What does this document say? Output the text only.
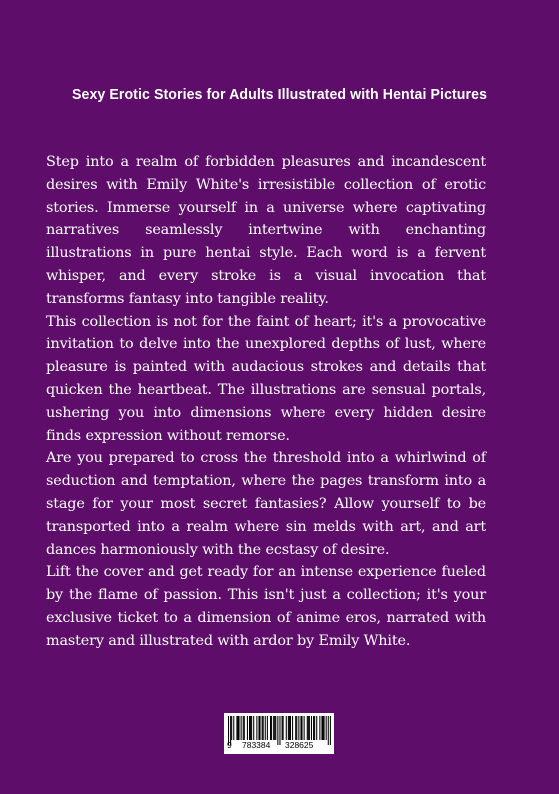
Sexy Erotic Stories for Adults Illustrated with Hentai Pictures

Step into a realm of forbidden pleasures and incandescent desires with Emily White's irresistible collection of erotic stories. Immerse yourself in a universe where captivating narratives seamlessly intertwine with enchanting illustrations in pure hentai style. Each word is a fervent whisper, and every stroke is a visual invocation that transforms fantasy into tangible reality.

This collection is not for the faint of heart; it's a provocative invitation to delve into the unexplored depths of lust, where pleasure is painted with audacious strokes and details that quicken the heartbeat. The illustrations are sensual portals, ushering you into dimensions where every hidden desire finds expression without remorse.

Are you prepared to cross the threshold into a whirlwind of seduction and temptation, where the pages transform into a stage for your most secret fantasies? Allow yourself to be transported into a realm where sin melds with art, and art dances harmoniously with the ecstasy of desire.

Lift the cover and get ready for an intense experience fueled by the flame of passion. This isn't just a collection; it's your exclusive ticket to a dimension of anime eros, narrated with mastery and illustrated with ardor by Emily White.

9 783384 328625
